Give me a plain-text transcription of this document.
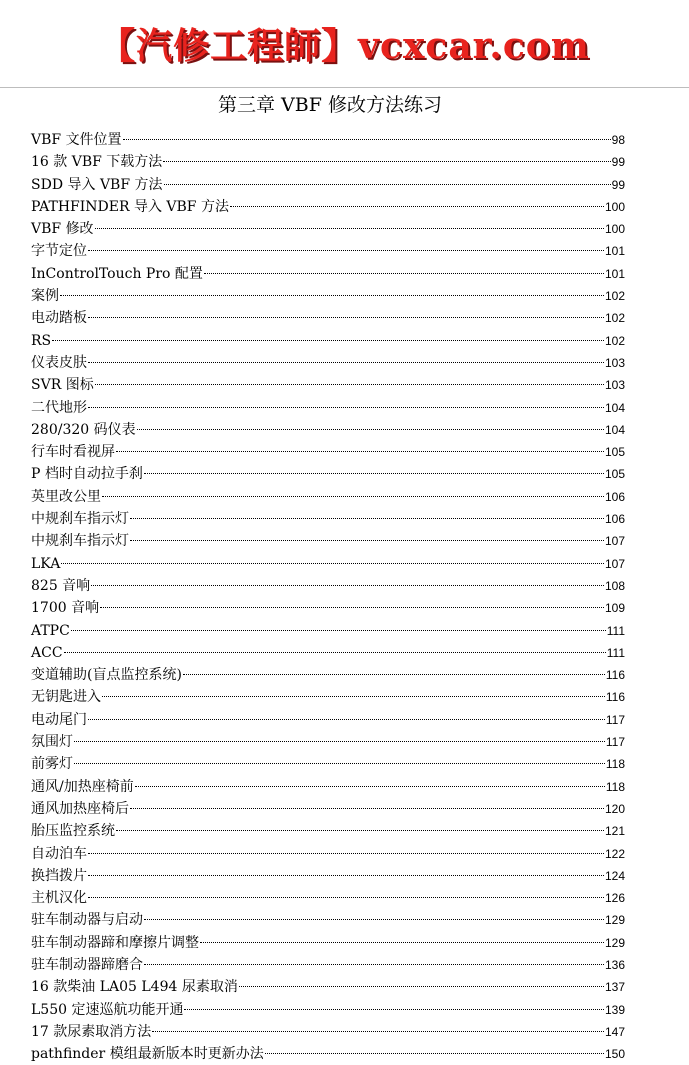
【汽修工程師】vcxcar.com
第三章 VBF 修改方法练习
VBF 文件位置	98
16 款 VBF 下载方法	99
SDD 导入 VBF 方法	99
PATHFINDER 导入 VBF 方法	100
VBF 修改	100
字节定位	101
InControlTouch Pro 配置	101
案例	102
电动踏板	102
RS	102
仪表皮肤	103
SVR 图标	103
二代地形	104
280/320 码仪表	104
行车时看视屏	105
P 档时自动拉手刹	105
英里改公里	106
中规刹车指示灯	106
中规刹车指示灯	107
LKA	107
825 音响	108
1700 音响	109
ATPC	111
ACC	111
变道辅助(盲点监控系统)	116
无钥匙进入	116
电动尾门	117
氛围灯	117
前雾灯	118
通风/加热座椅前	118
通风加热座椅后	120
胎压监控系统	121
自动泊车	122
换挡拨片	124
主机汉化	126
驻车制动器与启动	129
驻车制动器蹄和摩擦片调整	129
驻车制动器蹄磨合	136
16 款柴油 LA05 L494 尿素取消	137
L550 定速巡航功能开通	139
17 款尿素取消方法	147
pathfinder 模组最新版本时更新办法	150
